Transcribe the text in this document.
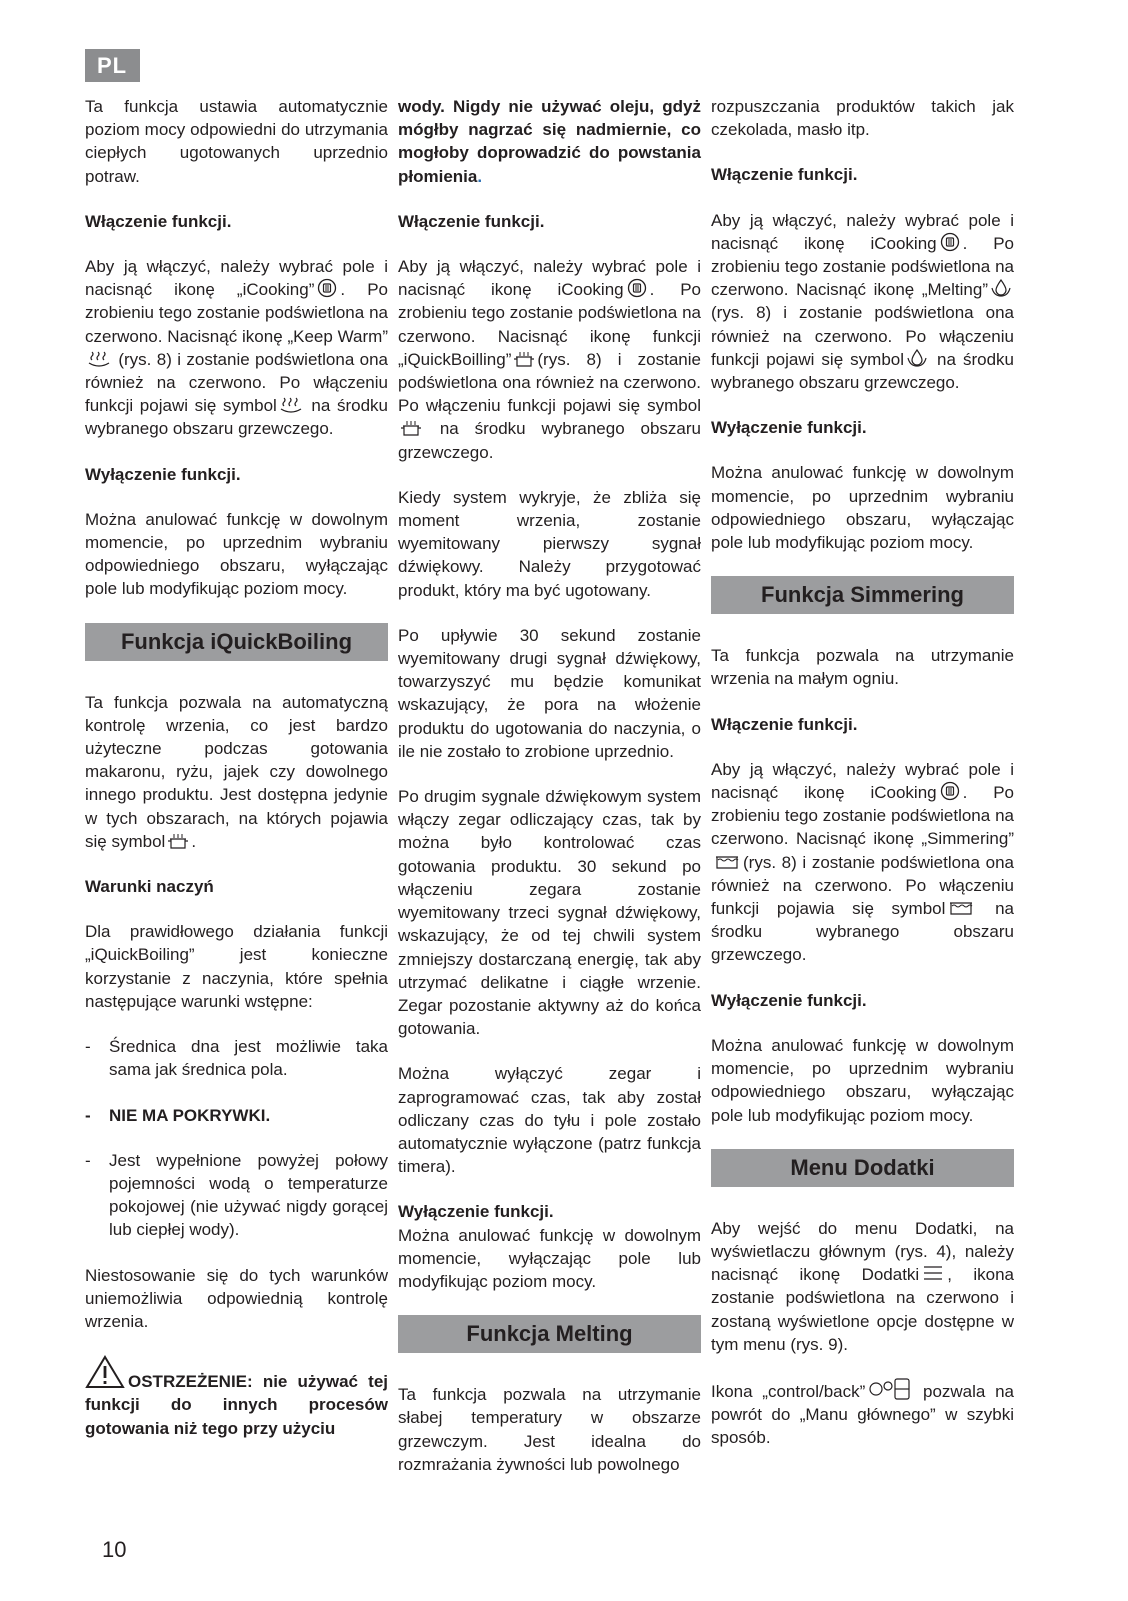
PL

Ta funkcja ustawia automatycznie poziom mocy odpowiedni do utrzymania ciepłych ugotowanych uprzednio potraw.

Włączenie funkcji.

Aby ją włączyć, należy wybrać pole i nacisnąć ikonę „iCooking” . Po zrobieniu tego zostanie podświetlona na czerwono. Nacisnąć ikonę „Keep Warm” (rys. 8) i zostanie podświetlona ona również na czerwono. Po włączeniu funkcji pojawi się symbol na środku wybranego obszaru grzewczego.

Wyłączenie funkcji.

Można anulować funkcję w dowolnym momencie, po uprzednim wybraniu odpowiedniego obszaru, wyłączając pole lub modyfikując poziom mocy.

Funkcja iQuickBoiling

Ta funkcja pozwala na automatyczną kontrolę wrzenia, co jest bardzo użyteczne podczas gotowania makaronu, ryżu, jajek czy dowolnego innego produktu. Jest dostępna jedynie w tych obszarach, na których pojawia się symbol .

Warunki naczyń

Dla prawidłowego działania funkcji „iQuickBoiling” jest konieczne korzystanie z naczynia, które spełnia następujące warunki wstępne:

-	Średnica dna jest możliwie taka sama jak średnica pola.
-	NIE MA POKRYWKI.
-	Jest wypełnione powyżej połowy pojemności wodą o temperaturze pokojowej (nie używać nigdy gorącej lub ciepłej wody).

Niestosowanie się do tych warunków uniemożliwia odpowiednią kontrolę wrzenia.

OSTRZEŻENIE: nie używać tej funkcji do innych procesów gotowania niż tego przy użyciu

wody. Nigdy nie używać oleju, gdyż mógłby nagrzać się nadmiernie, co mogłoby doprowadzić do powstania płomienia.

Włączenie funkcji.

Aby ją włączyć, należy wybrać pole i nacisnąć ikonę iCooking . Po zrobieniu tego zostanie podświetlona na czerwono. Nacisnąć ikonę funkcji „iQuickBoilling” (rys. 8) i zostanie podświetlona ona również na czerwono. Po włączeniu funkcji pojawi się symbol na środku wybranego obszaru grzewczego.

Kiedy system wykryje, że zbliża się moment wrzenia, zostanie wyemitowany pierwszy sygnał dźwiękowy. Należy przygotować produkt, który ma być ugotowany.

Po upływie 30 sekund zostanie wyemitowany drugi sygnał dźwiękowy, towarzyszyć mu będzie komunikat wskazujący, że pora na włożenie produktu do ugotowania do naczynia, o ile nie zostało to zrobione uprzednio.

Po drugim sygnale dźwiękowym system włączy zegar odliczający czas, tak by można było kontrolować czas gotowania produktu. 30 sekund po włączeniu zegara zostanie wyemitowany trzeci sygnał dźwiękowy, wskazujący, że od tej chwili system zmniejszy dostarczaną energię, tak aby utrzymać delikatne i ciągłe wrzenie. Zegar pozostanie aktywny aż do końca gotowania.

Można wyłączyć zegar i zaprogramować czas, tak aby został odliczany czas do tyłu i pole zostało automatycznie wyłączone (patrz funkcja timera).

Wyłączenie funkcji.

Można anulować funkcję w dowolnym momencie, wyłączając pole lub modyfikując poziom mocy.

Funkcja Melting

Ta funkcja pozwala na utrzymanie słabej temperatury w obszarze grzewczym. Jest idealna do rozmrażania żywności lub powolnego

rozpuszczania produktów takich jak czekolada, masło itp.

Włączenie funkcji.

Aby ją włączyć, należy wybrać pole i nacisnąć ikonę iCooking . Po zrobieniu tego zostanie podświetlona na czerwono. Nacisnąć ikonę „Melting” (rys. 8) i zostanie podświetlona ona również na czerwono. Po włączeniu funkcji pojawi się symbol na środku wybranego obszaru grzewczego.

Wyłączenie funkcji.

Można anulować funkcję w dowolnym momencie, po uprzednim wybraniu odpowiedniego obszaru, wyłączając pole lub modyfikując poziom mocy.

Funkcja Simmering

Ta funkcja pozwala na utrzymanie wrzenia na małym ogniu.

Włączenie funkcji.

Aby ją włączyć, należy wybrać pole i nacisnąć ikonę iCooking . Po zrobieniu tego zostanie podświetlona na czerwono. Nacisnąć ikonę „Simmering”(rys. 8) i zostanie podświetlona ona również na czerwono. Po włączeniu funkcji pojawia się symbol na środku wybranego obszaru grzewczego.

Wyłączenie funkcji.

Można anulować funkcję w dowolnym momencie, po uprzednim wybraniu odpowiedniego obszaru, wyłączając pole lub modyfikując poziom mocy.

Menu Dodatki

Aby wejść do menu Dodatki, na wyświetlaczu głównym (rys. 4), należy nacisnąć ikonę Dodatki , ikona zostanie podświetlona na czerwono i zostaną wyświetlone opcje dostępne w tym menu (rys. 9).

Ikona „control/back”	pozwala na powrót do „Manu głównego” w szybki sposób.

10
